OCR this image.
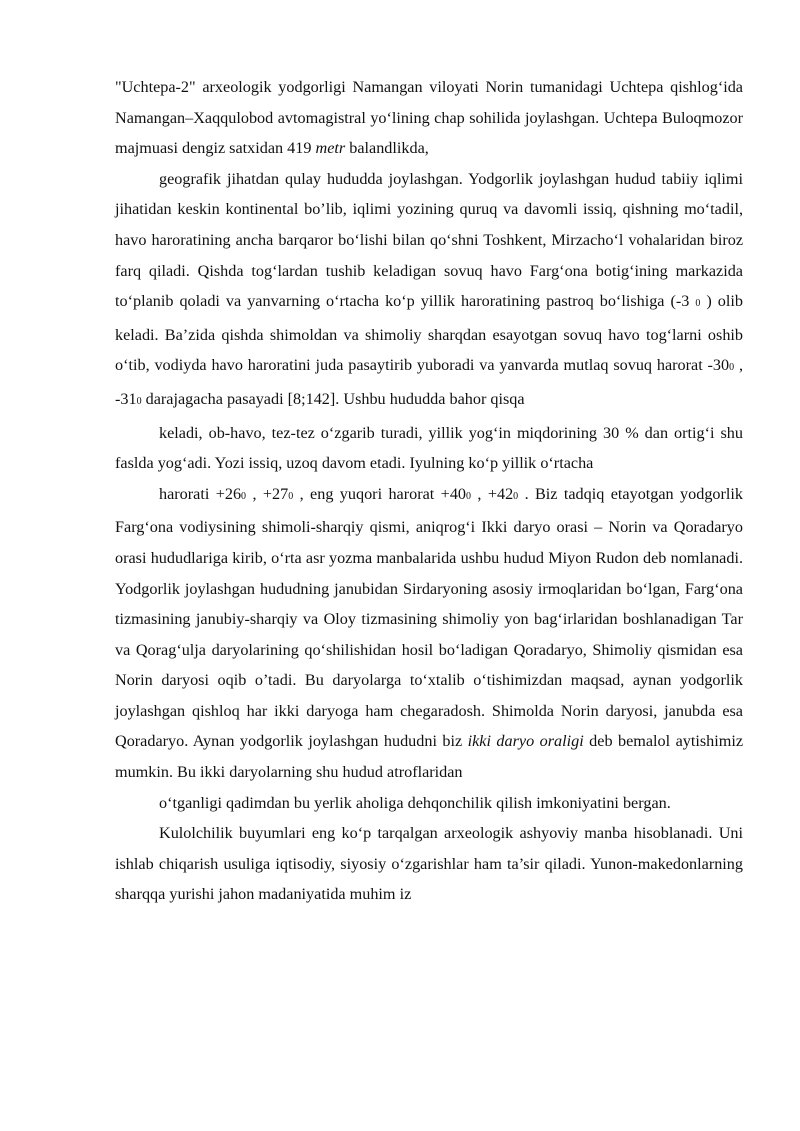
"Uchtepa-2" arxeologik yodgorligi Namangan viloyati Norin tumanidagi Uchtepa qishlog‘ida Namangan–Xaqqulobod avtomagistral yo‘lining chap sohilida joylashgan. Uchtepa Buloqmozor majmuasi dengiz satxidan 419 metr balandlikda,

geografik jihatdan qulay hududda joylashgan. Yodgorlik joylashgan hudud tabiiy iqlimi jihatidan keskin kontinental bo’lib, iqlimi yozining quruq va davomli issiq, qishning mo‘tadil, havo haroratining ancha barqaror bo‘lishi bilan qo‘shni Toshkent, Mirzacho‘l vohalaridan biroz farq qiladi. Qishda tog‘lardan tushib keladigan sovuq havo Farg‘ona botig‘ining markazida to‘planib qoladi va yanvarning o‘rtacha ko‘p yillik haroratining pastroq bo‘lishiga (-3 0 ) olib keladi. Ba’zida qishda shimoldan va shimoliy sharqdan esayotgan sovuq havo tog‘larni oshib o‘tib, vodiyda havo haroratini juda pasaytirib yuboradi va yanvarda mutlaq sovuq harorat -300 , -310 darajagacha pasayadi [8;142]. Ushbu hududda bahor qisqa

keladi, ob-havo, tez-tez o‘zgarib turadi, yillik yog‘in miqdorining 30 % dan ortig‘i shu faslda yog‘adi. Yozi issiq, uzoq davom etadi. Iyulning ko‘p yillik o‘rtacha

harorati +260 , +270 , eng yuqori harorat +400 , +420 . Biz tadqiq etayotgan yodgorlik Farg‘ona vodiysining shimoli-sharqiy qismi, aniqrog‘i Ikki daryo orasi – Norin va Qoradaryo orasi hududlariga kirib, o‘rta asr yozma manbalarida ushbu hudud Miyon Rudon deb nomlanadi. Yodgorlik joylashgan hududning janubidan Sirdaryoning asosiy irmoqlaridan bo‘lgan, Farg‘ona tizmasining janubiy-sharqiy va Oloy tizmasining shimoliy yon bag‘irlaridan boshlanadigan Tar va Qorag‘ulja daryolarining qo‘shilishidan hosil bo‘ladigan Qoradaryo, Shimoliy qismidan esa Norin daryosi oqib o’tadi. Bu daryolarga to‘xtalib o‘tishimizdan maqsad, aynan yodgorlik joylashgan qishloq har ikki daryoga ham chegaradosh. Shimolda Norin daryosi, janubda esa Qoradaryo. Aynan yodgorlik joylashgan hududni biz ikki daryo oraligi deb bemalol aytishimiz mumkin. Bu ikki daryolarning shu hudud atroflaridan

o‘tganligi qadimdan bu yerlik aholiga dehqonchilik qilish imkoniyatini bergan.

Kulolchilik buyumlari eng ko‘p tarqalgan arxeologik ashyoviy manba hisoblanadi. Uni ishlab chiqarish usuliga iqtisodiy, siyosiy o‘zgarishlar ham ta’sir qiladi. Yunon-makedonlarning sharqqa yurishi jahon madaniyatida muhim iz
